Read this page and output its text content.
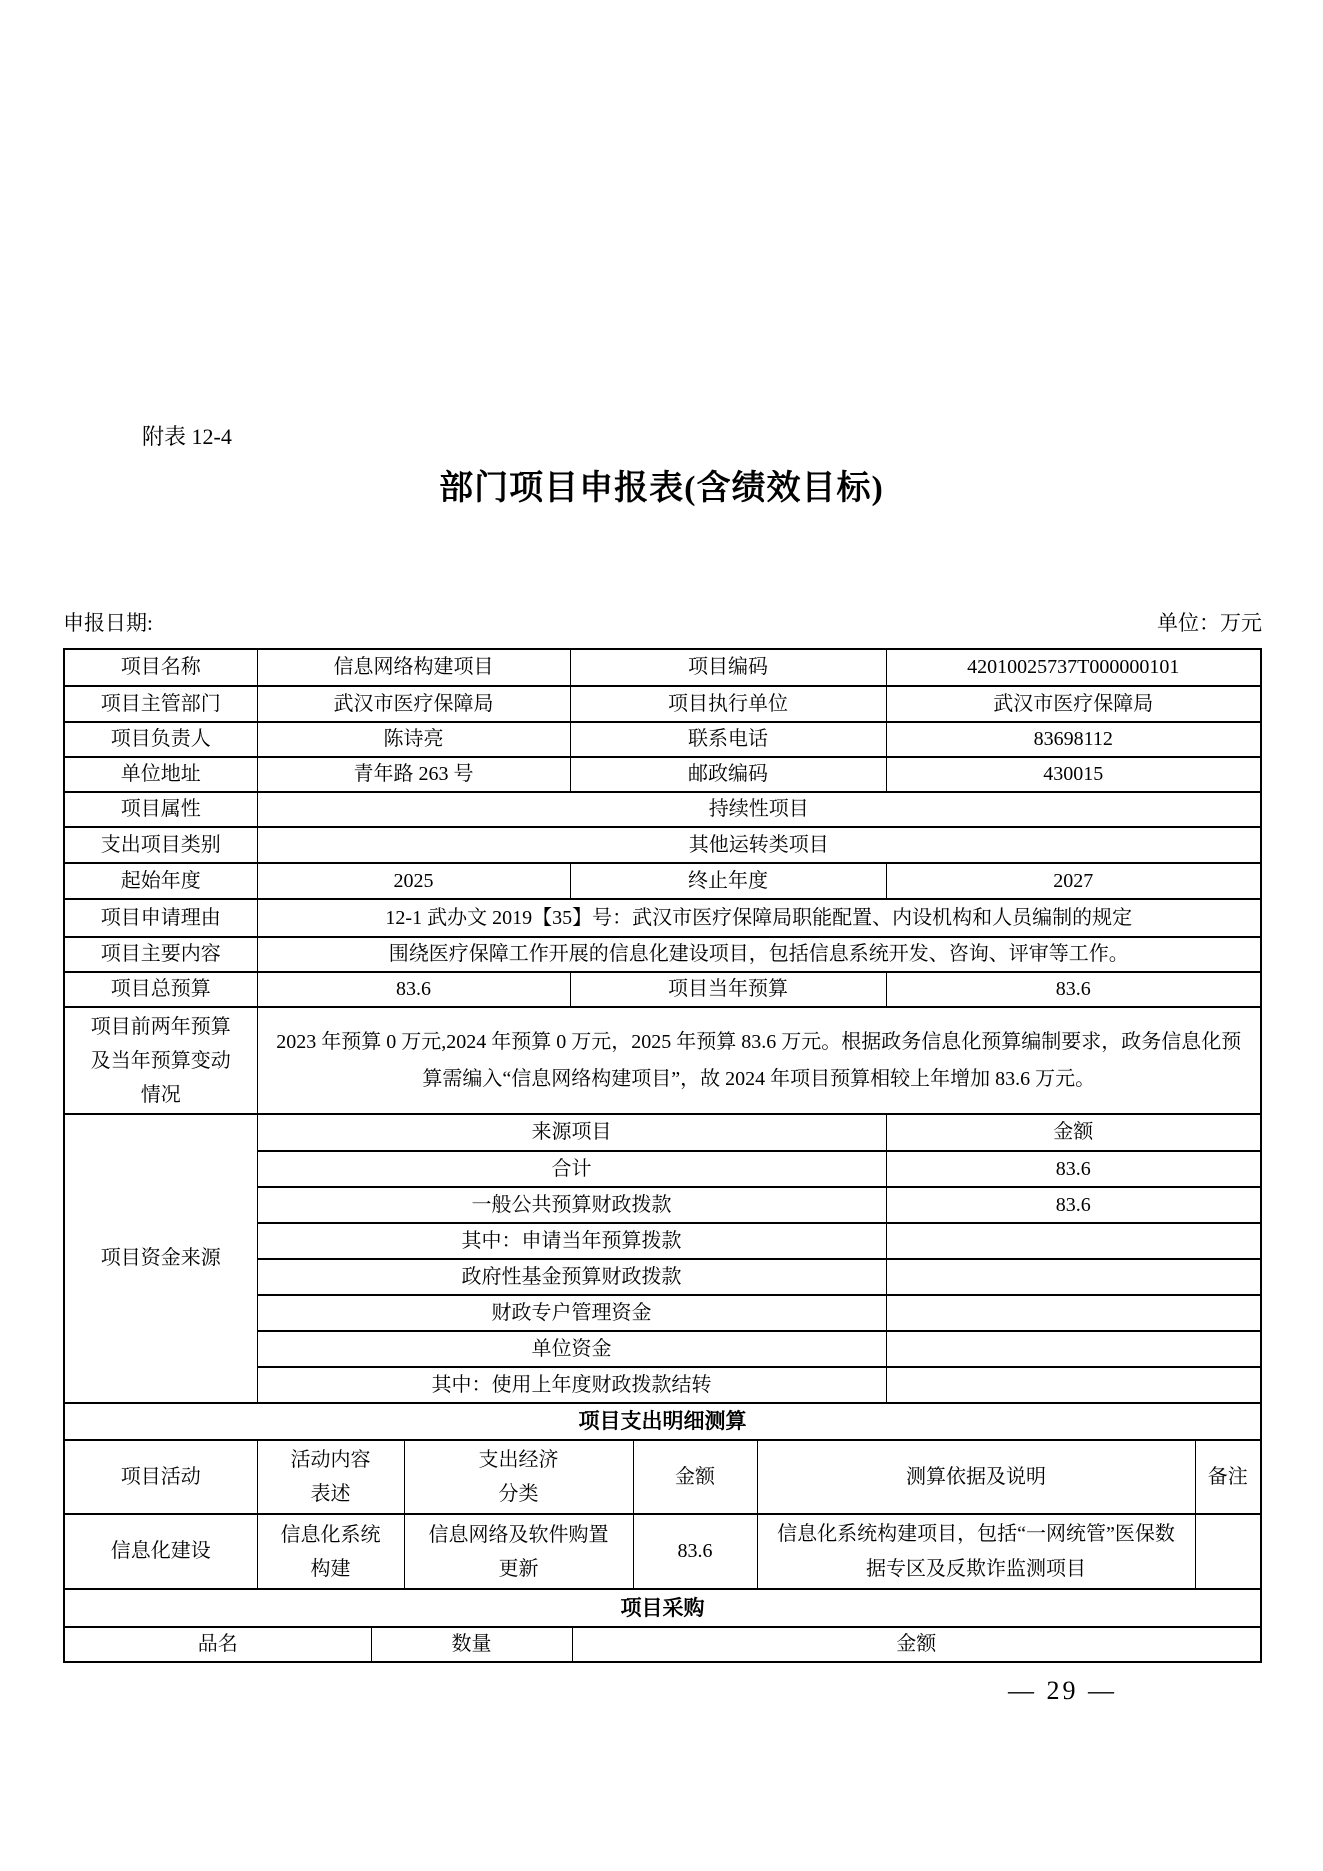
附表 12-4
部门项目申报表(含绩效目标)
申报日期:	单位：万元
项目名称	信息网络构建项目	项目编码	42010025737T000000101
项目主管部门	武汉市医疗保障局	项目执行单位	武汉市医疗保障局
项目负责人	陈诗亮	联系电话	83698112
单位地址	青年路 263 号	邮政编码	430015
项目属性	持续性项目		
支出项目类别	其他运转类项目		
起始年度	2025	终止年度	2027
项目申请理由	12-1 武办文 2019【35】号：武汉市医疗保障局职能配置、内设机构和人员编制的规定		
项目主要内容	围绕医疗保障工作开展的信息化建设项目，包括信息系统开发、咨询、评审等工作。		
项目总预算	83.6	项目当年预算	83.6
项目前两年预算及当年预算变动情况	2023 年预算 0 万元,2024 年预算 0 万元，2025 年预算 83.6 万元。根据政务信息化预算编制要求，政务信息化预算需编入“信息网络构建项目”，故 2024 年项目预算相较上年增加 83.6 万元。		
项目资金来源	来源项目	金额
	合计	83.6
	一般公共预算财政拨款	83.6
	其中：申请当年预算拨款	
	政府性基金预算财政拨款	
	财政专户管理资金	
	单位资金	
	其中：使用上年度财政拨款结转	
项目支出明细测算
项目活动	活动内容表述	支出经济分类	金额	测算依据及说明	备注
信息化建设	信息化系统构建	信息网络及软件购置更新	83.6	信息化系统构建项目，包括“一网统管”医保数据专区及反欺诈监测项目	
项目采购
品名	数量	金额
— 29 —
